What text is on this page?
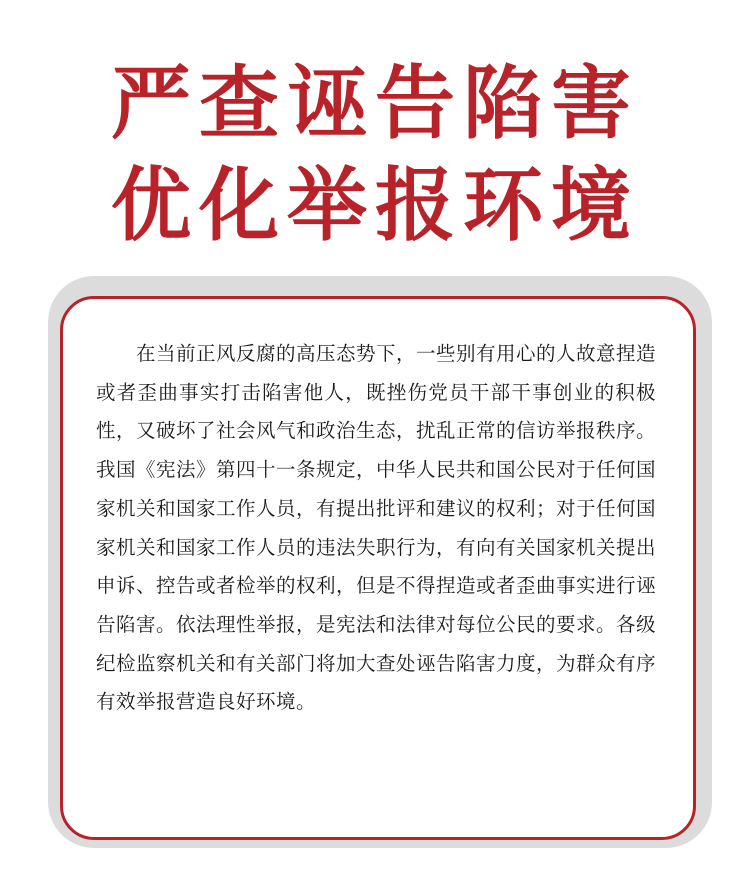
严查诬告陷害
优化举报环境

在当前正风反腐的高压态势下，一些别有用心的人故意捏造或者歪曲事实打击陷害他人，既挫伤党员干部干事创业的积极性，又破坏了社会风气和政治生态，扰乱正常的信访举报秩序。我国《宪法》第四十一条规定，中华人民共和国公民对于任何国家机关和国家工作人员，有提出批评和建议的权利；对于任何国家机关和国家工作人员的违法失职行为，有向有关国家机关提出申诉、控告或者检举的权利，但是不得捏造或者歪曲事实进行诬告陷害。依法理性举报，是宪法和法律对每位公民的要求。各级纪检监察机关和有关部门将加大查处诬告陷害力度，为群众有序有效举报营造良好环境。
